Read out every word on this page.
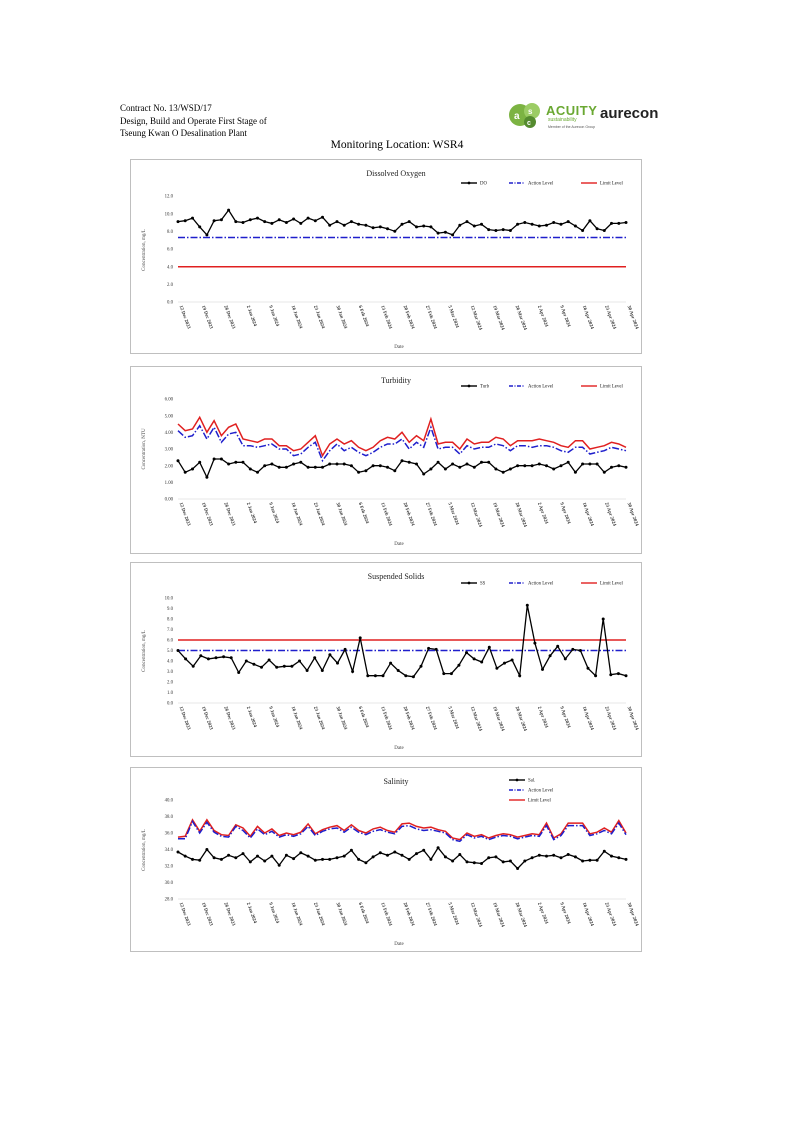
Contract No. 13/WSD/17
Design, Build and Operate First Stage of
Tseung Kwan O Desalination Plant
a s
c
ACUITY
sustainability
Member of the Aurecon Group
aurecon
Monitoring Location: WSR4
Dissolved Oxygen
0.0
2.0
4.0
6.0
8.0
10.0
12.0
Concentration, mg/L
12 Dec 2023 19 Dec 2023 26 Dec 2023 2 Jan 2024 9 Jan 2024 16 Jan 2024 23 Jan 2024 30 Jan 2024 6 Feb 2024 13 Feb 2024 20 Feb 2024 27 Feb 2024 5 Mar 2024 12 Mar 2024 19 Mar 2024 26 Mar 2024 2 Apr 2024 9 Apr 2024 16 Apr 2024 23 Apr 2024 30 Apr 2024
Date
DO	Action Level	Limit Level
Turbidity
0.00
1.00
2.00
3.00
4.00
5.00
6.00
Concentration, NTU
12 Dec 2023 19 Dec 2023 26 Dec 2023 2 Jan 2024 9 Jan 2024 16 Jan 2024 23 Jan 2024 30 Jan 2024 6 Feb 2024 13 Feb 2024 20 Feb 2024 27 Feb 2024 5 Mar 2024 12 Mar 2024 19 Mar 2024 26 Mar 2024 2 Apr 2024 9 Apr 2024 16 Apr 2024 23 Apr 2024 30 Apr 2024
Date
Turb	Action Level	Limit Level
Suspended Solids
0.0
1.0
2.0
3.0
4.0
5.0
6.0
7.0
8.0
9.0
10.0
Concentration, mg/L
12 Dec 2023 19 Dec 2023 26 Dec 2023 2 Jan 2024 9 Jan 2024 16 Jan 2024 23 Jan 2024 30 Jan 2024 6 Feb 2024 13 Feb 2024 20 Feb 2024 27 Feb 2024 5 Mar 2024 12 Mar 2024 19 Mar 2024 26 Mar 2024 2 Apr 2024 9 Apr 2024 16 Apr 2024 23 Apr 2024 30 Apr 2024
Date
SS	Action Level	Limit Level
Salinity
28.0
30.0
32.0
34.0
36.0
38.0
40.0
Concentration, mg/L
12 Dec 2023 19 Dec 2023 26 Dec 2023 2 Jan 2024 9 Jan 2024 16 Jan 2024 23 Jan 2024 30 Jan 2024 6 Feb 2024 13 Feb 2024 20 Feb 2024 27 Feb 2024 5 Mar 2024 12 Mar 2024 19 Mar 2024 26 Mar 2024 2 Apr 2024 9 Apr 2024 16 Apr 2024 23 Apr 2024 30 Apr 2024
Date
Sal.
Action Level
Limit Level
